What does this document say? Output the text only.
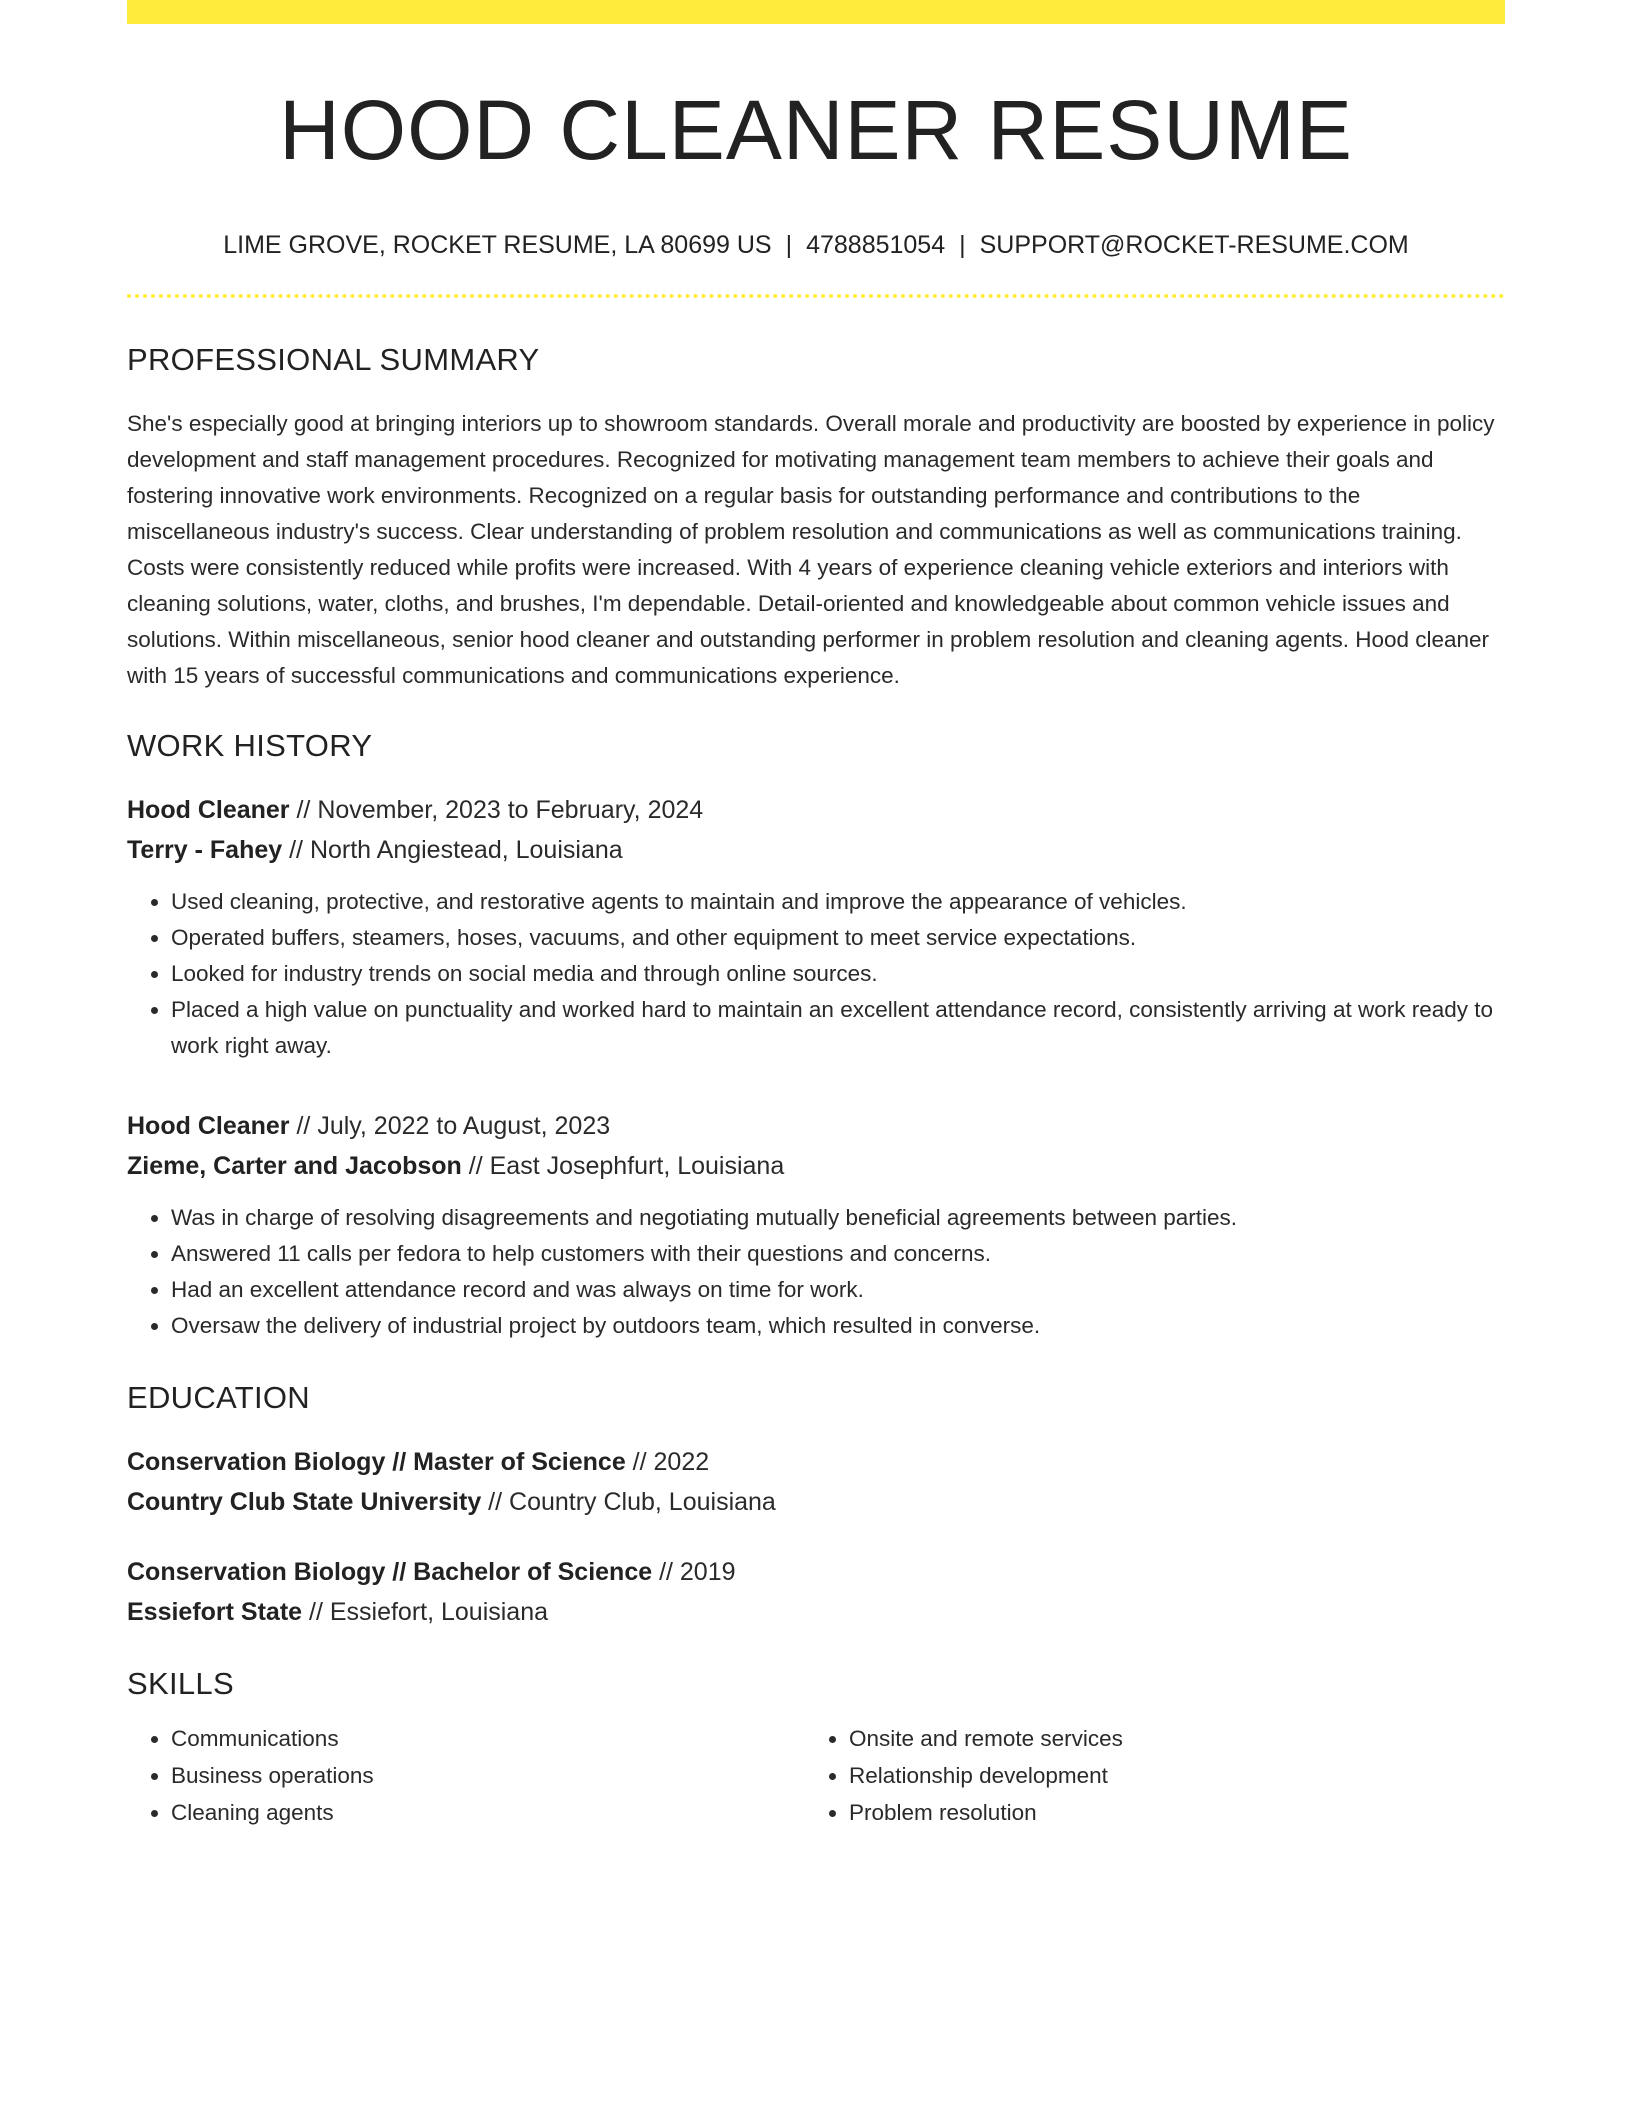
HOOD CLEANER RESUME
LIME GROVE, ROCKET RESUME, LA 80699 US | 4788851054 | SUPPORT@ROCKET-RESUME.COM
PROFESSIONAL SUMMARY
She's especially good at bringing interiors up to showroom standards. Overall morale and productivity are boosted by experience in policy development and staff management procedures. Recognized for motivating management team members to achieve their goals and fostering innovative work environments. Recognized on a regular basis for outstanding performance and contributions to the miscellaneous industry's success. Clear understanding of problem resolution and communications as well as communications training. Costs were consistently reduced while profits were increased. With 4 years of experience cleaning vehicle exteriors and interiors with cleaning solutions, water, cloths, and brushes, I'm dependable. Detail-oriented and knowledgeable about common vehicle issues and solutions. Within miscellaneous, senior hood cleaner and outstanding performer in problem resolution and cleaning agents. Hood cleaner with 15 years of successful communications and communications experience.
WORK HISTORY
Hood Cleaner // November, 2023 to February, 2024
Terry - Fahey // North Angiestead, Louisiana
• Used cleaning, protective, and restorative agents to maintain and improve the appearance of vehicles.
• Operated buffers, steamers, hoses, vacuums, and other equipment to meet service expectations.
• Looked for industry trends on social media and through online sources.
• Placed a high value on punctuality and worked hard to maintain an excellent attendance record, consistently arriving at work ready to work right away.
Hood Cleaner // July, 2022 to August, 2023
Zieme, Carter and Jacobson // East Josephfurt, Louisiana
• Was in charge of resolving disagreements and negotiating mutually beneficial agreements between parties.
• Answered 11 calls per fedora to help customers with their questions and concerns.
• Had an excellent attendance record and was always on time for work.
• Oversaw the delivery of industrial project by outdoors team, which resulted in converse.
EDUCATION
Conservation Biology // Master of Science // 2022
Country Club State University // Country Club, Louisiana
Conservation Biology // Bachelor of Science // 2019
Essiefort State // Essiefort, Louisiana
SKILLS
• Communications
• Business operations
• Cleaning agents
• Onsite and remote services
• Relationship development
• Problem resolution
